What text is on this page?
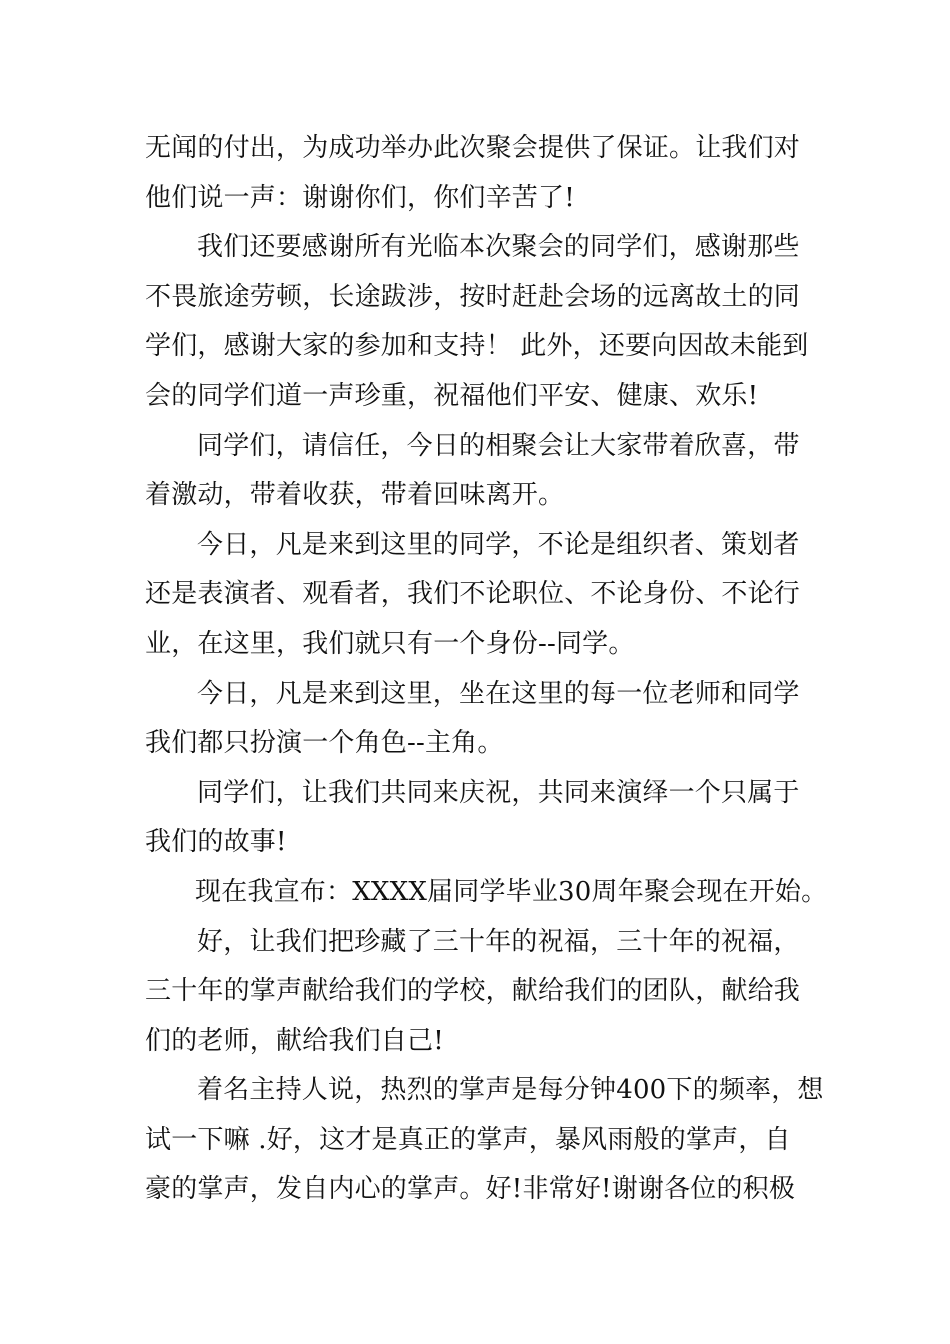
无闻的付出，为成功举办此次聚会提供了保证。让我们对
他们说一声：谢谢你们，你们辛苦了!
我们还要感谢所有光临本次聚会的同学们，感谢那些
不畏旅途劳顿，长途跋涉，按时赶赴会场的远离故土的同
学们，感谢大家的参加和支持！ 此外，还要向因故未能到
会的同学们道一声珍重，祝福他们平安、健康、欢乐!
同学们，请信任，今日的相聚会让大家带着欣喜，带
着激动，带着收获，带着回味离开。
今日，凡是来到这里的同学，不论是组织者、策划者
还是表演者、观看者，我们不论职位、不论身份、不论行
业，在这里，我们就只有一个身份--同学。
今日，凡是来到这里，坐在这里的每一位老师和同学
我们都只扮演一个角色--主角。
同学们，让我们共同来庆祝，共同来演绎一个只属于
我们的故事!
现在我宣布：XXXX届同学毕业30周年聚会现在开始。
好，让我们把珍藏了三十年的祝福，三十年的祝福，
三十年的掌声献给我们的学校，献给我们的团队，献给我
们的老师，献给我们自己!
着名主持人说，热烈的掌声是每分钟400下的频率，想
试一下嘛 .好，这才是真正的掌声，暴风雨般的掌声，自
豪的掌声，发自内心的掌声。好!非常好!谢谢各位的积极
